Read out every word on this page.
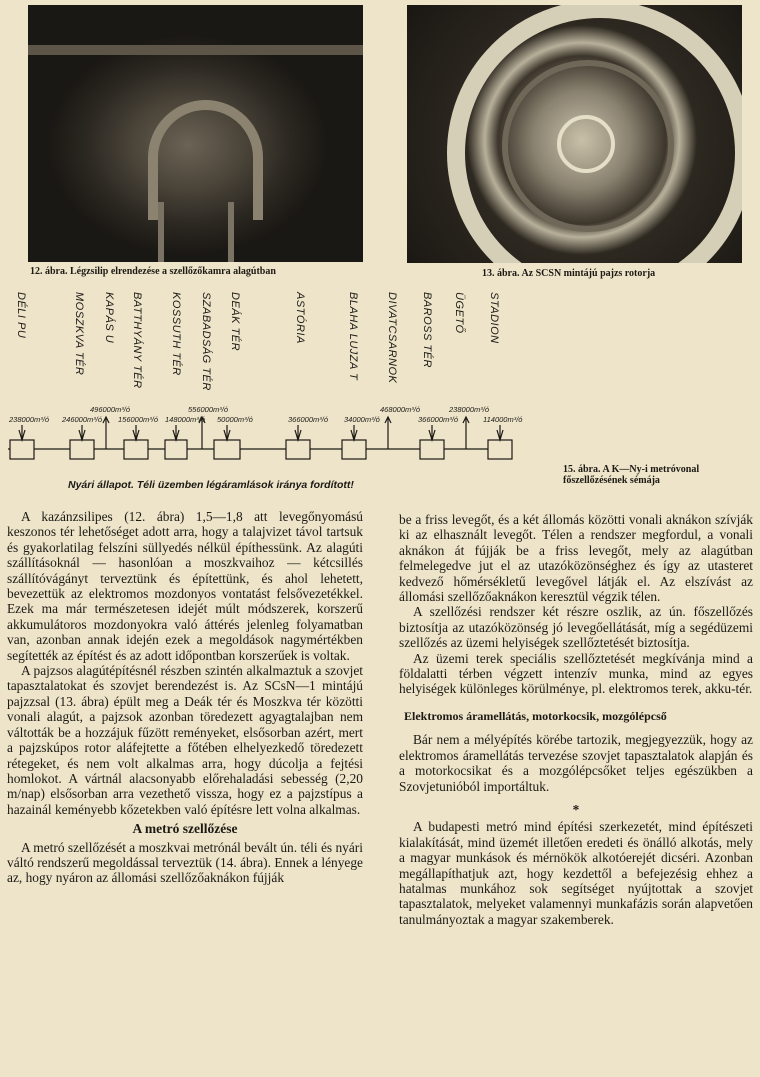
12. ábra. Légzsilip elrendezése a szellőzőkamra alagútban	13. ábra. Az SCSN mintájú pajzs rotorja
DÉLI PU	MOSZKVA TÉR KAPÁS U BATTHYÁNY TÉR KOSSUTH TÉR SZABADSÁG TÉR DEÁK TÉR	ASTÓRIA	BLAHA LUJZA T DIVATCSARNOK BAROSS TÉR ÜGETŐ STADION
238000m³/ó 246000m³/ó
496000m³/ó
156000m³/ó 148000m³/ó
556000m³/ó
50000m³/ó	366000m³/ó 34000m³/ó
468000m³/ó
366000m³/ó
238000m³/ó
114000m³/ó
Nyári állapot. Téli üzemben légáramlások iránya fordított!
15. ábra. A K—Ny-i metróvonal
főszellőzésének sémája

A kazánzsilipes (12. ábra) 1,5—1,8 att levegőnyomású keszonos tér lehetőséget adott arra, hogy a talajvizet távol tartsuk és gyakorlatilag felszíni süllyedés nélkül építhessünk. Az alagúti szállításoknál — hasonlóan a moszkvaihoz — kétcsillés szállítóvágányt terveztünk és építettünk, és ahol lehetett, bevezettük az elektromos mozdonyos vontatást felsővezetékkel. Ezek ma már természetesen idejét múlt módszerek, korszerű akkumulátoros mozdonyokra való áttérés jelenleg folyamatban van, azonban annak idején ezek a megoldások nagymértékben segítették az építést és az adott időpontban korszerűek is voltak.

A pajzsos alagútépítésnél részben szintén alkalmaztuk a szovjet tapasztalatokat és szovjet berendezést is. Az SCsN—1 mintájú pajzzsal (13. ábra) épült meg a Deák tér és Moszkva tér közötti vonali alagút, a pajzsok azonban töredezett agyagtalajban nem váltották be a hozzájuk fűzött reményeket, elsősorban azért, mert a pajzskúpos rotor aláfejtette a főtében elhelyezkedő töredezett rétegeket, és nem volt alkalmas arra, hogy dúcolja a fejtési homlokot. A vártnál alacsonyabb előrehaladási sebesség (2,20 m/nap) elsősorban arra vezethető vissza, hogy ez a pajzstípus a hazainál keményebb kőzetekben való építésre lett volna alkalmas.

A metró szellőzése

A metró szellőzését a moszkvai metrónál bevált ún. téli és nyári váltó rendszerű megoldással terveztük (14. ábra). Ennek a lényege az, hogy nyáron az állomási szellőzőaknákon fújják

be a friss levegőt, és a két állomás közötti vonali aknákon szívják ki az elhasznált levegőt. Télen a rendszer megfordul, a vonali aknákon át fújják be a friss levegőt, mely az alagútban felmelegedve jut el az utazóközönséghez és így az utasteret kedvező hőmérsékletű levegővel látják el. Az elszívást az állomási szellőzőaknákon keresztül végzik télen.

A szellőzési rendszer két részre oszlik, az ún. főszellőzés biztosítja az utazóközönség jó levegőellátását, míg a segédüzemi szellőzés az üzemi helyiségek szellőztetését biztosítja.

Az üzemi terek speciális szellőztetését megkívánja mind a földalatti térben végzett intenzív munka, mind az egyes helyiségek különleges körülménye, pl. elektromos terek, akku-tér.

Elektromos áramellátás, motorkocsik, mozgólépcső

Bár nem a mélyépítés körébe tartozik, megjegyezzük, hogy az elektromos áramellátás tervezése szovjet tapasztalatok alapján és a motorkocsikat és a mozgólépcsőket teljes egészükben a Szovjetunióból importáltuk.

*

A budapesti metró mind építési szerkezetét, mind építészeti kialakítását, mind üzemét illetően eredeti és önálló alkotás, mely a magyar munkások és mérnökök alkotóerejét dicséri. Azonban megállapíthatjuk azt, hogy kezdettől a befejezésig ehhez a hatalmas munkához sok segítséget nyújtottak a szovjet tapasztalatok, melyeket valamennyi munkafázis során alapvetően tanulmányoztak a magyar szakemberek.
